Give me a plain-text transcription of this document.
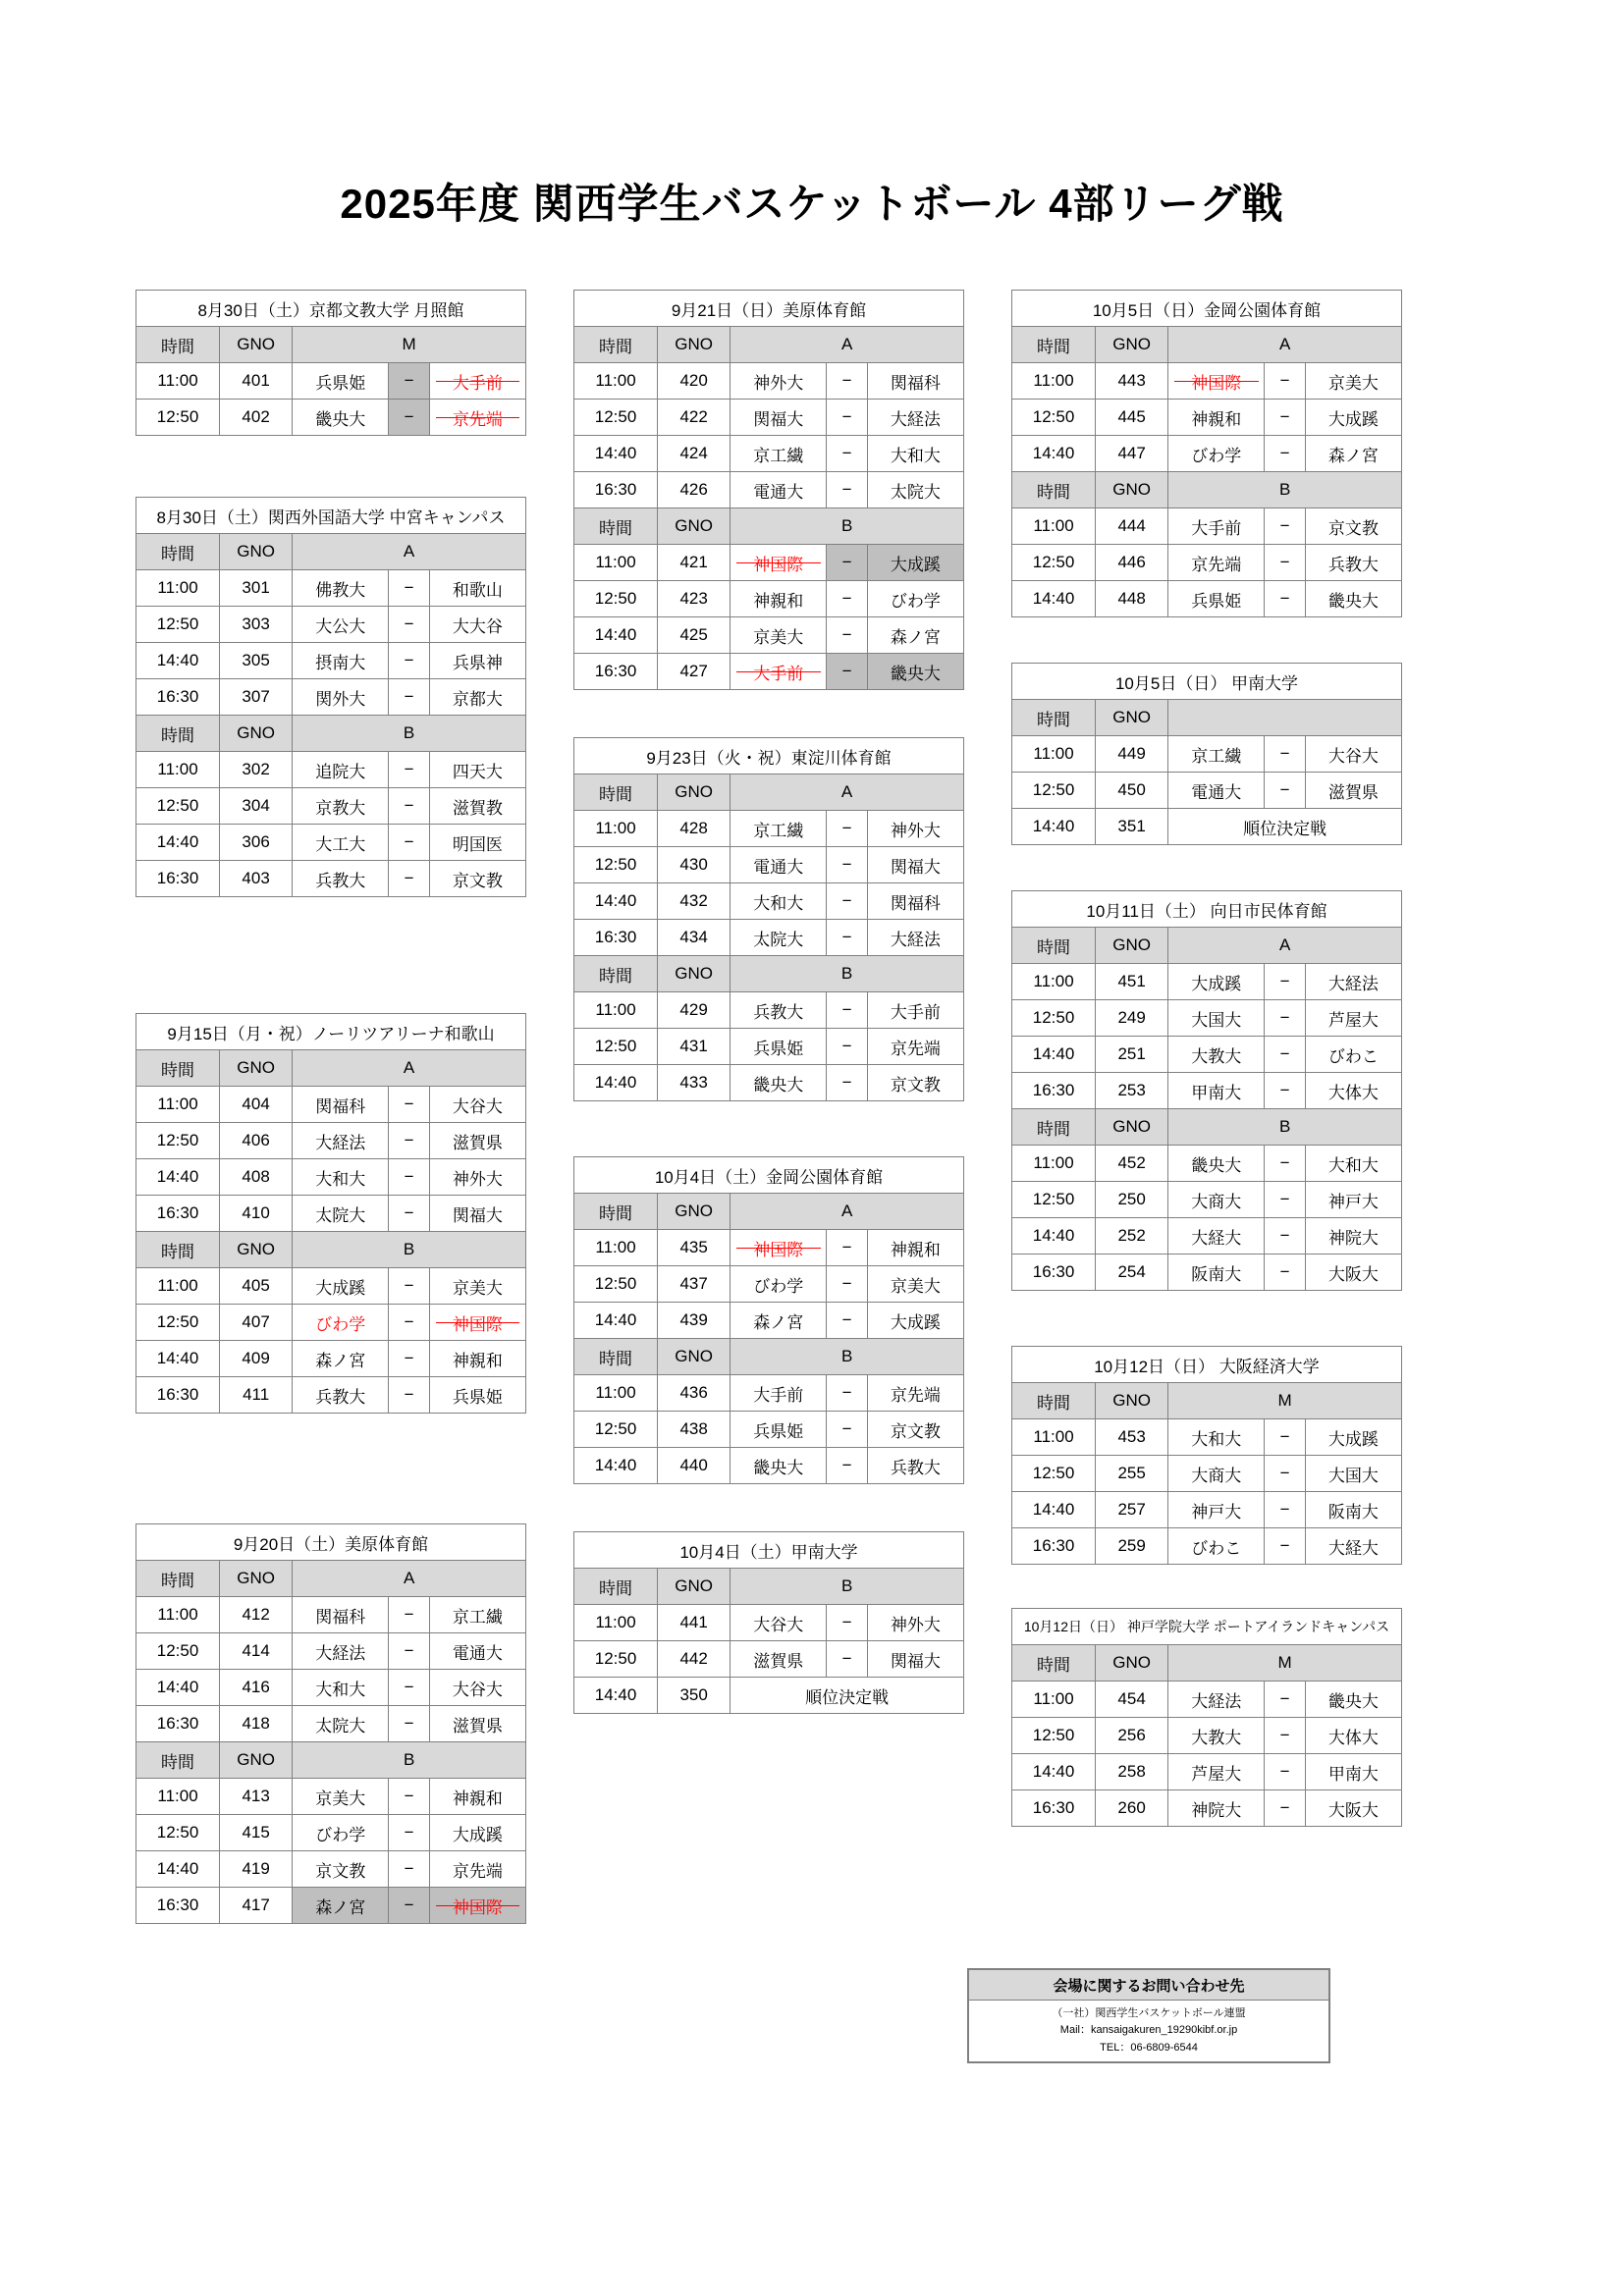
2025年度 関西学生バスケットボール 4部リーグ戦
8月30日（土）京都文教大学 月照館				
時間	GNO	M		
11:00	401	兵県姫	−	大手前
12:50	402	畿央大	−	京先端
8月30日（土）関西外国語大学 中宮キャンパス				
時間	GNO	A		
11:00	301	佛教大	−	和歌山
12:50	303	大公大	−	大大谷
14:40	305	摂南大	−	兵県神
16:30	307	関外大	−	京都大
時間	GNO	B		
11:00	302	追院大	−	四天大
12:50	304	京教大	−	滋賀教
14:40	306	大工大	−	明国医
16:30	403	兵教大	−	京文教
9月15日（月・祝）ノーリツアリーナ和歌山				
時間	GNO	A		
11:00	404	関福科	−	大谷大
12:50	406	大経法	−	滋賀県
14:40	408	大和大	−	神外大
16:30	410	太院大	−	関福大
時間	GNO	B		
11:00	405	大成蹊	−	京美大
12:50	407	びわ学	−	神国際
14:40	409	森ノ宮	−	神親和
16:30	411	兵教大	−	兵県姫
9月20日（土）美原体育館				
時間	GNO	A		
11:00	412	関福科	−	京工繊
12:50	414	大経法	−	電通大
14:40	416	大和大	−	大谷大
16:30	418	太院大	−	滋賀県
時間	GNO	B		
11:00	413	京美大	−	神親和
12:50	415	びわ学	−	大成蹊
14:40	419	京文教	−	京先端
16:30	417	森ノ宮	−	神国際
9月21日（日）美原体育館				
時間	GNO	A		
11:00	420	神外大	−	関福科
12:50	422	関福大	−	大経法
14:40	424	京工繊	−	大和大
16:30	426	電通大	−	太院大
時間	GNO	B		
11:00	421	神国際	−	大成蹊
12:50	423	神親和	−	びわ学
14:40	425	京美大	−	森ノ宮
16:30	427	大手前	−	畿央大
9月23日（火・祝）東淀川体育館				
時間	GNO	A		
11:00	428	京工繊	−	神外大
12:50	430	電通大	−	関福大
14:40	432	大和大	−	関福科
16:30	434	太院大	−	大経法
時間	GNO	B		
11:00	429	兵教大	−	大手前
12:50	431	兵県姫	−	京先端
14:40	433	畿央大	−	京文教
10月4日（土）金岡公園体育館				
時間	GNO	A		
11:00	435	神国際	−	神親和
12:50	437	びわ学	−	京美大
14:40	439	森ノ宮	−	大成蹊
時間	GNO	B		
11:00	436	大手前	−	京先端
12:50	438	兵県姫	−	京文教
14:40	440	畿央大	−	兵教大
10月4日（土）甲南大学				
時間	GNO	B		
11:00	441	大谷大	−	神外大
12:50	442	滋賀県	−	関福大
14:40	350	順位決定戦		
10月5日（日）金岡公園体育館				
時間	GNO	A		
11:00	443	神国際	−	京美大
12:50	445	神親和	−	大成蹊
14:40	447	びわ学	−	森ノ宮
時間	GNO	B		
11:00	444	大手前	−	京文教
12:50	446	京先端	−	兵教大
14:40	448	兵県姫	−	畿央大
10月5日（日） 甲南大学				
時間	GNO			
11:00	449	京工繊	−	大谷大
12:50	450	電通大	−	滋賀県
14:40	351	順位決定戦		
10月11日（土） 向日市民体育館				
時間	GNO	A		
11:00	451	大成蹊	−	大経法
12:50	249	大国大	−	芦屋大
14:40	251	大教大	−	びわこ
16:30	253	甲南大	−	大体大
時間	GNO	B		
11:00	452	畿央大	−	大和大
12:50	250	大商大	−	神戸大
14:40	252	大経大	−	神院大
16:30	254	阪南大	−	大阪大
10月12日（日） 大阪経済大学				
時間	GNO	M		
11:00	453	大和大	−	大成蹊
12:50	255	大商大	−	大国大
14:40	257	神戸大	−	阪南大
16:30	259	びわこ	−	大経大
10月12日（日） 神戸学院大学 ポートアイランドキャンパス				
時間	GNO	M		
11:00	454	大経法	−	畿央大
12:50	256	大教大	−	大体大
14:40	258	芦屋大	−	甲南大
16:30	260	神院大	−	大阪大
会場に関するお問い合わせ先

（一社）関西学生バスケットボール連盟
Mail：kansaigakuren_19290kibf.or.jp
TEL：06-6809-6544
